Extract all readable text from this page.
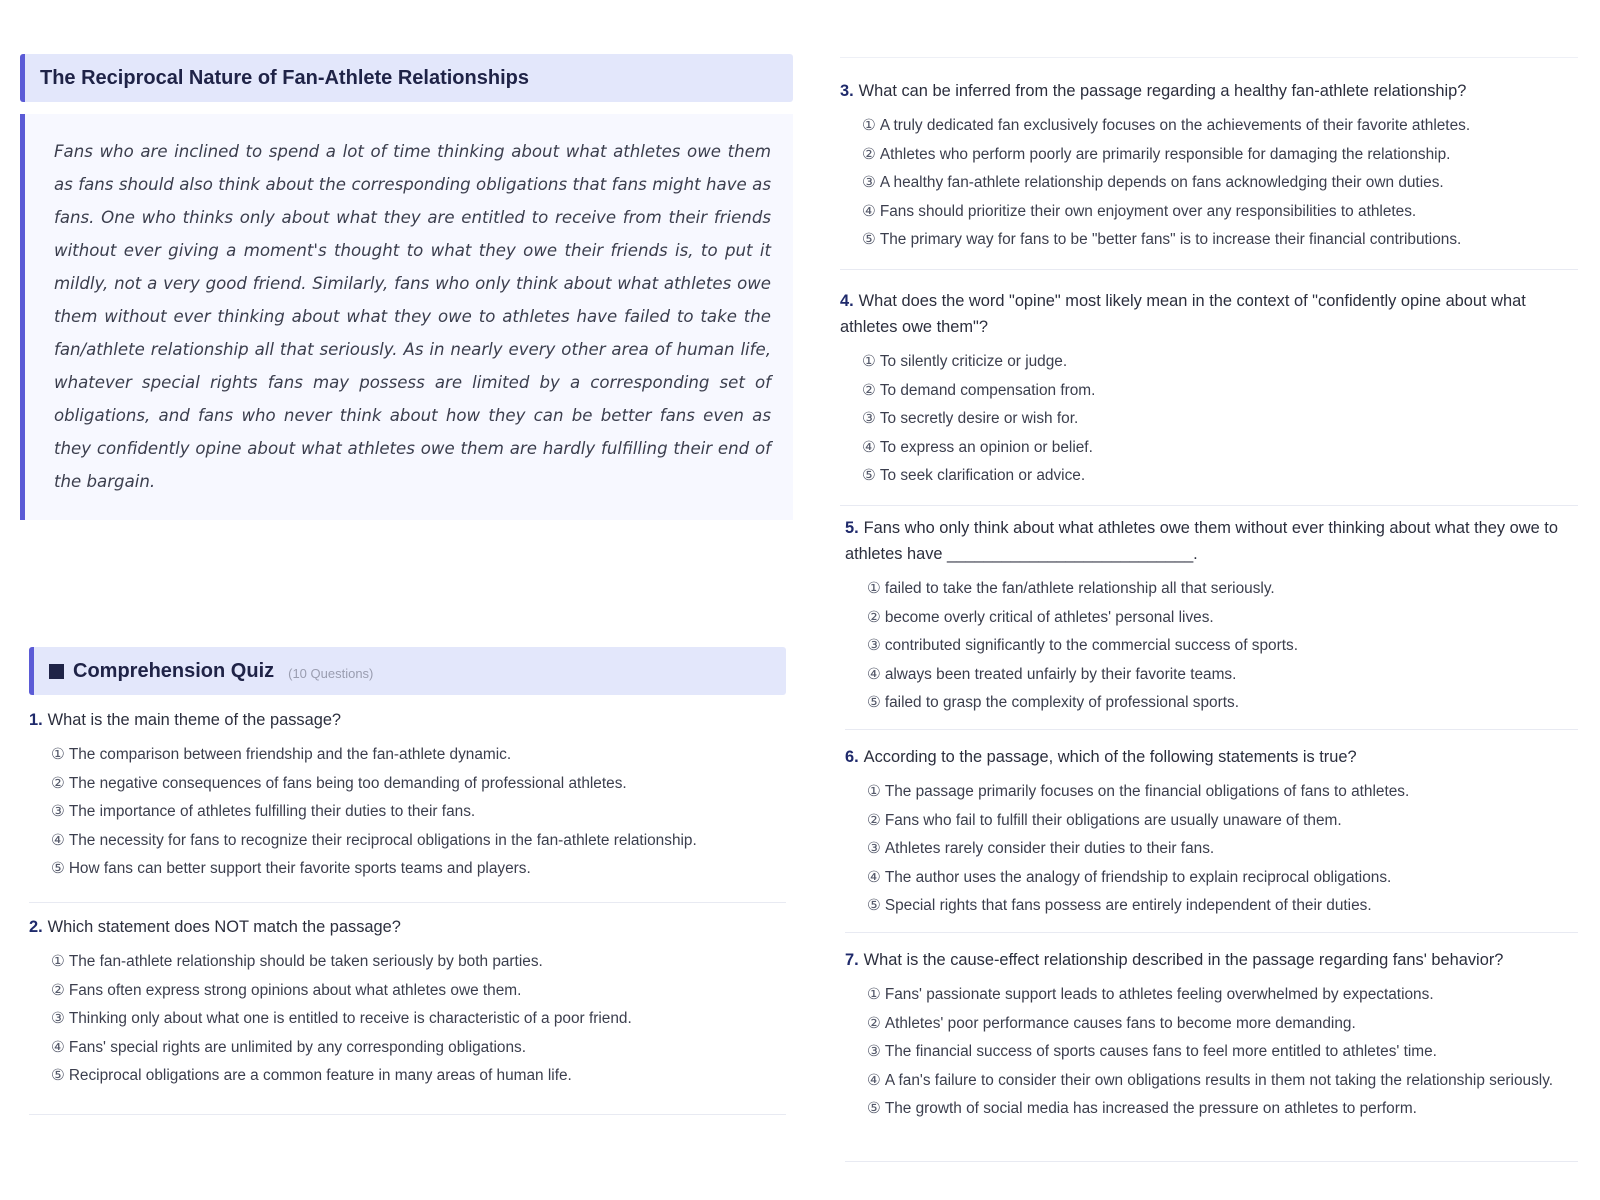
The Reciprocal Nature of Fan-Athlete Relationships
Fans who are inclined to spend a lot of time thinking about what athletes owe them as fans should also think about the corresponding obligations that fans might have as fans. One who thinks only about what they are entitled to receive from their friends without ever giving a moment's thought to what they owe their friends is, to put it mildly, not a very good friend. Similarly, fans who only think about what athletes owe them without ever thinking about what they owe to athletes have failed to take the fan/athlete relationship all that seriously. As in nearly every other area of human life, whatever special rights fans may possess are limited by a corresponding set of obligations, and fans who never think about how they can be better fans even as they confidently opine about what athletes owe them are hardly fulfilling their end of the bargain.
Comprehension Quiz (10 Questions)
1. What is the main theme of the passage?
① The comparison between friendship and the fan-athlete dynamic.
② The negative consequences of fans being too demanding of professional athletes.
③ The importance of athletes fulfilling their duties to their fans.
④ The necessity for fans to recognize their reciprocal obligations in the fan-athlete relationship.
⑤ How fans can better support their favorite sports teams and players.
2. Which statement does NOT match the passage?
① The fan-athlete relationship should be taken seriously by both parties.
② Fans often express strong opinions about what athletes owe them.
③ Thinking only about what one is entitled to receive is characteristic of a poor friend.
④ Fans' special rights are unlimited by any corresponding obligations.
⑤ Reciprocal obligations are a common feature in many areas of human life.
3. What can be inferred from the passage regarding a healthy fan-athlete relationship?
① A truly dedicated fan exclusively focuses on the achievements of their favorite athletes.
② Athletes who perform poorly are primarily responsible for damaging the relationship.
③ A healthy fan-athlete relationship depends on fans acknowledging their own duties.
④ Fans should prioritize their own enjoyment over any responsibilities to athletes.
⑤ The primary way for fans to be "better fans" is to increase their financial contributions.
4. What does the word "opine" most likely mean in the context of "confidently opine about what athletes owe them"?
① To silently criticize or judge.
② To demand compensation from.
③ To secretly desire or wish for.
④ To express an opinion or belief.
⑤ To seek clarification or advice.
5. Fans who only think about what athletes owe them without ever thinking about what they owe to athletes have ___________________________.
① failed to take the fan/athlete relationship all that seriously.
② become overly critical of athletes' personal lives.
③ contributed significantly to the commercial success of sports.
④ always been treated unfairly by their favorite teams.
⑤ failed to grasp the complexity of professional sports.
6. According to the passage, which of the following statements is true?
① The passage primarily focuses on the financial obligations of fans to athletes.
② Fans who fail to fulfill their obligations are usually unaware of them.
③ Athletes rarely consider their duties to their fans.
④ The author uses the analogy of friendship to explain reciprocal obligations.
⑤ Special rights that fans possess are entirely independent of their duties.
7. What is the cause-effect relationship described in the passage regarding fans' behavior?
① Fans' passionate support leads to athletes feeling overwhelmed by expectations.
② Athletes' poor performance causes fans to become more demanding.
③ The financial success of sports causes fans to feel more entitled to athletes' time.
④ A fan's failure to consider their own obligations results in them not taking the relationship seriously.
⑤ The growth of social media has increased the pressure on athletes to perform.
